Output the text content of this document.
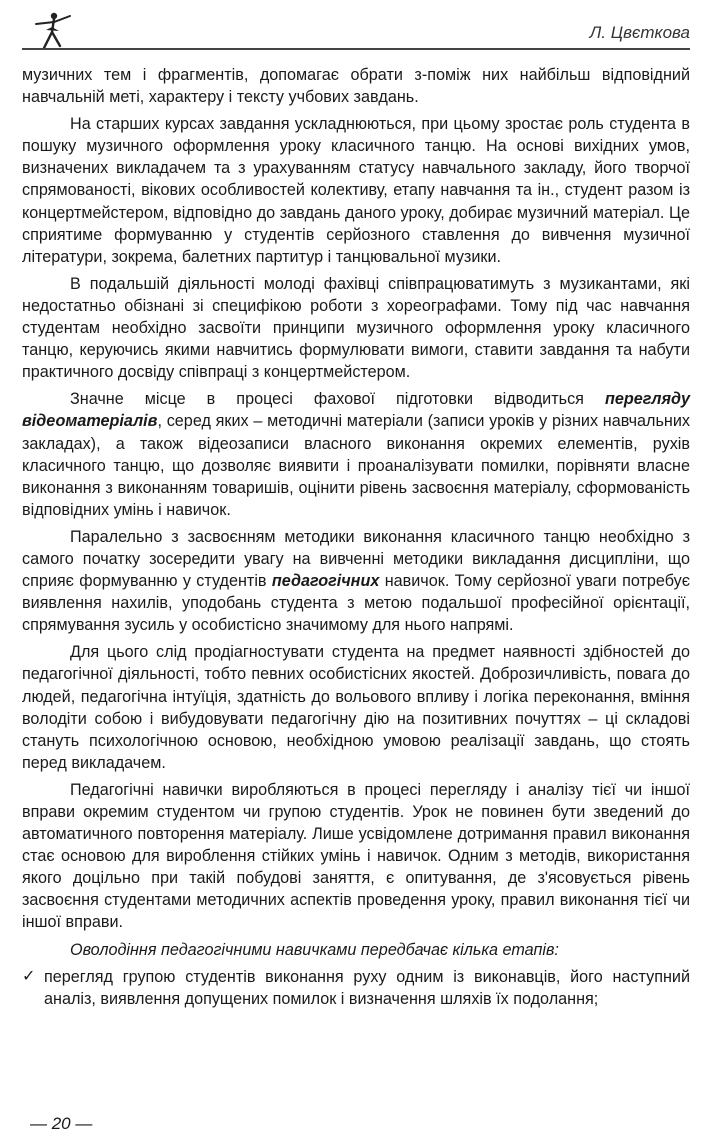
Л. Цвєткова

музичних тем і фрагментів, допомагає обрати з-поміж них найбільш відповідний навчальній меті, характеру і тексту учбових завдань.

На старших курсах завдання ускладнюються, при цьому зростає роль студента в пошуку музичного оформлення уроку класичного танцю. На основі вихідних умов, визначених викладачем та з урахуванням статусу навчального закладу, його творчої спрямованості, вікових особливостей колективу, етапу навчання та ін., студент разом із концертмейстером, відповідно до завдань даного уроку, добирає музичний матеріал. Це сприятиме формуванню у студентів серйозного ставлення до вивчення музичної літератури, зокрема, балетних партитур і танцювальної музики.

В подальшій діяльності молоді фахівці співпрацюватимуть з музикантами, які недостатньо обізнані зі специфікою роботи з хореографами. Тому під час навчання студентам необхідно засвоїти принципи музичного оформлення уроку класичного танцю, керуючись якими навчитись формулювати вимоги, ставити завдання та набути практичного досвіду співпраці з концертмейстером.

Значне місце в процесі фахової підготовки відводиться перегляду відеоматеріалів, серед яких – методичні матеріали (записи уроків у різних навчальних закладах), а також відеозаписи власного виконання окремих елементів, рухів класичного танцю, що дозволяє виявити і проаналізувати помилки, порівняти власне виконання з виконанням товаришів, оцінити рівень засвоєння матеріалу, сформованість відповідних умінь і навичок.

Паралельно з засвоєнням методики виконання класичного танцю необхідно з самого початку зосередити увагу на вивченні методики викладання дисципліни, що сприяє формуванню у студентів педагогічних навичок. Тому серйозної уваги потребує виявлення нахилів, уподобань студента з метою подальшої професійної орієнтації, спрямування зусиль у особистісно значимому для нього напрямі.

Для цього слід продіагностувати студента на предмет наявності здібностей до педагогічної діяльності, тобто певних особистісних якостей. Доброзичливість, повага до людей, педагогічна інтуїція, здатність до вольового впливу і логіка переконання, вміння володіти собою і вибудовувати педагогічну дію на позитивних почуттях – ці складові стануть психологічною основою, необхідною умовою реалізації завдань, що стоять перед викладачем.

Педагогічні навички виробляються в процесі перегляду і аналізу тієї чи іншої вправи окремим студентом чи групою студентів. Урок не повинен бути зведений до автоматичного повторення матеріалу. Лише усвідомлене дотримання правил виконання стає основою для вироблення стійких умінь і навичок. Одним з методів, використання якого доцільно при такій побудові заняття, є опитування, де з'ясовується рівень засвоєння студентами методичних аспектів проведення уроку, правил виконання тієї чи іншої вправи.

Оволодіння педагогічними навичками передбачає кілька етапів:

✓ перегляд групою студентів виконання руху одним із виконавців, його наступний аналіз, виявлення допущених помилок і визначення шляхів їх подолання;

— 20 —
